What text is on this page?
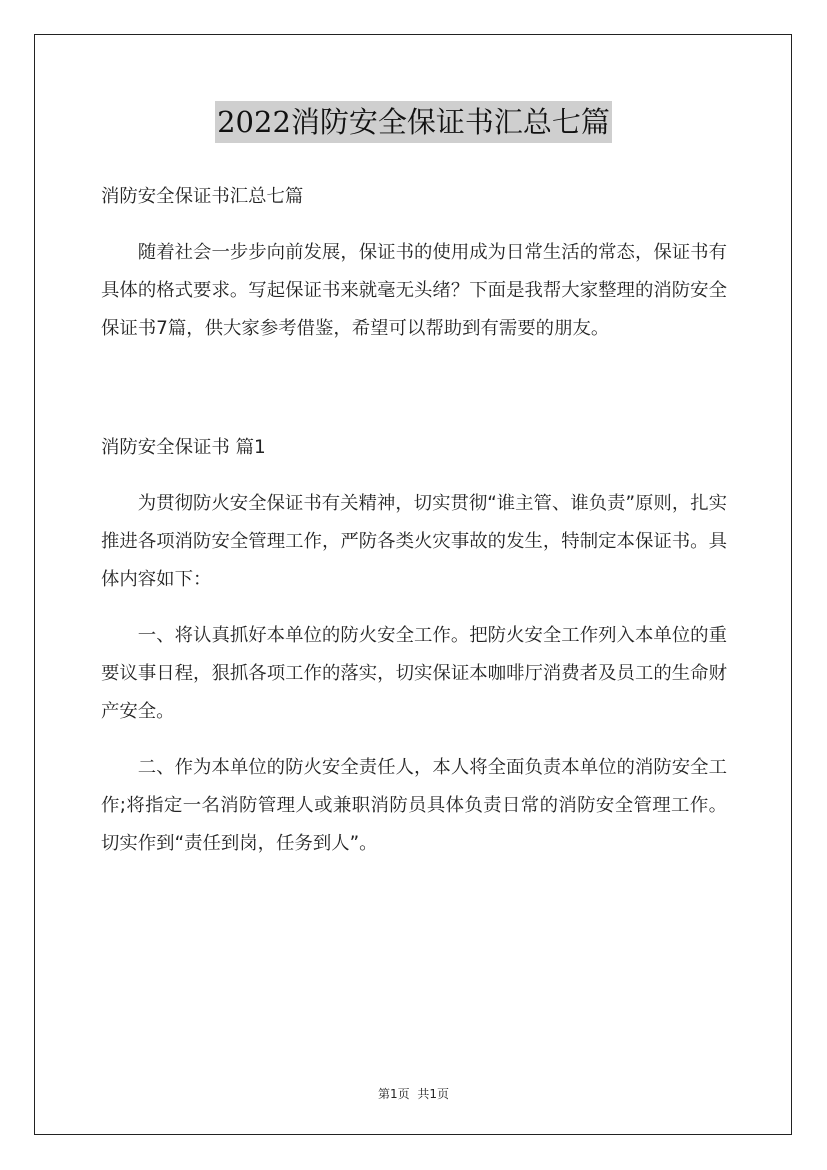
2022消防安全保证书汇总七篇

消防安全保证书汇总七篇

随着社会一步步向前发展，保证书的使用成为日常生活的常态，保证书有具体的格式要求。写起保证书来就毫无头绪？下面是我帮大家整理的消防安全保证书7篇，供大家参考借鉴，希望可以帮助到有需要的朋友。

消防安全保证书 篇1

为贯彻防火安全保证书有关精神，切实贯彻“谁主管、谁负责”原则，扎实推进各项消防安全管理工作，严防各类火灾事故的发生，特制定本保证书。具体内容如下：

一、将认真抓好本单位的防火安全工作。把防火安全工作列入本单位的重要议事日程，狠抓各项工作的落实，切实保证本咖啡厅消费者及员工的生命财产安全。

二、作为本单位的防火安全责任人，本人将全面负责本单位的消防安全工作;将指定一名消防管理人或兼职消防员具体负责日常的消防安全管理工作。切实作到“责任到岗，任务到人”。

第1页 共1页
